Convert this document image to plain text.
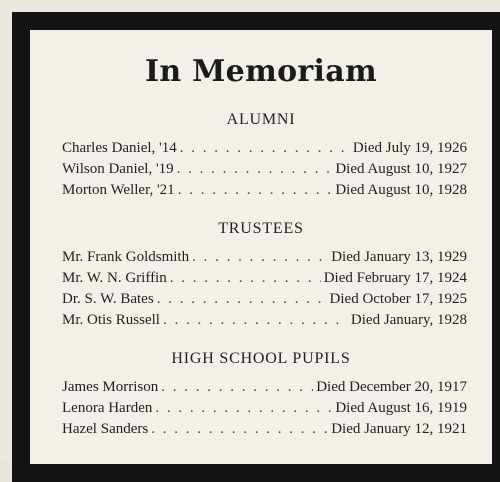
In Memoriam
ALUMNI
Charles Daniel, '14 . . .	Died July 19, 1926
Wilson Daniel, '19 . . .	Died August 10, 1927
Morton Weller, '21 . . .	Died August 10, 1928
TRUSTEES
Mr. Frank Goldsmith . . .	Died January 13, 1929
Mr. W. N. Griffin . . .	Died February 17, 1924
Dr. S. W. Bates . . .	Died October 17, 1925
Mr. Otis Russell . . .	Died January, 1928
HIGH SCHOOL PUPILS
James Morrison . . .	Died December 20, 1917
Lenora Harden . . .	Died August 16, 1919
Hazel Sanders . . .	Died January 12, 1921
